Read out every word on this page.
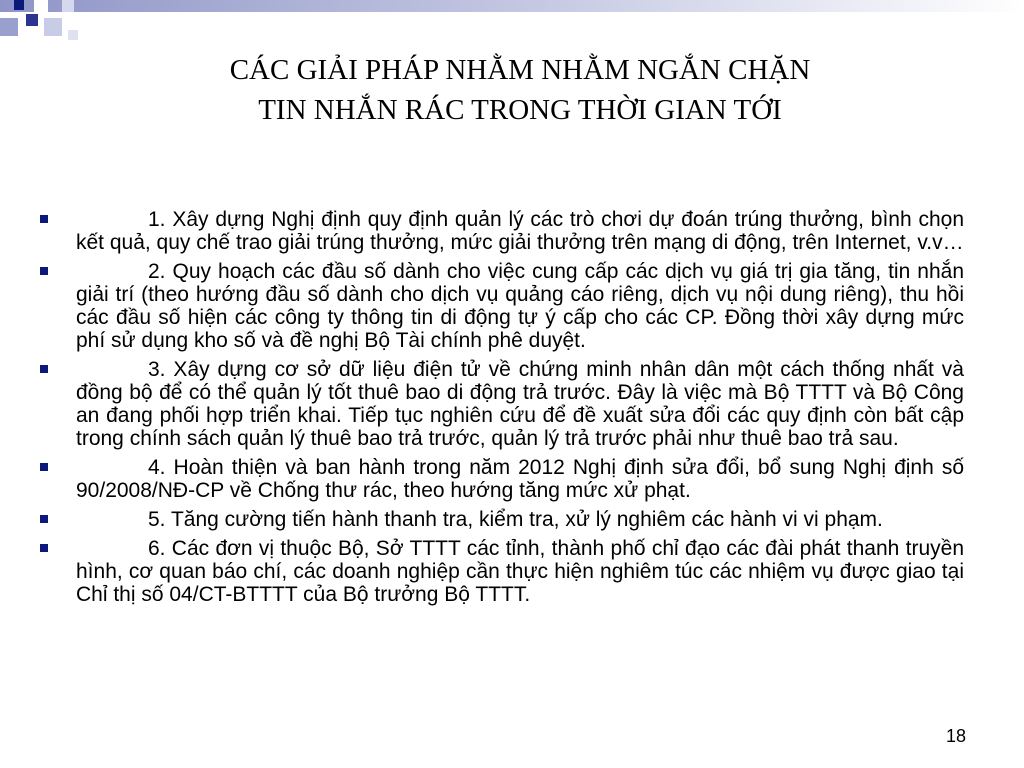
CÁC GIẢI PHÁP NHẰM NHẰM NGẮN CHẶN
TIN NHẮN RÁC TRONG THỜI GIAN TỚI
1. Xây dựng Nghị định quy định quản lý các trò chơi dự đoán trúng thưởng, bình chọn kết quả, quy chế trao giải trúng thưởng, mức giải thưởng trên mạng di động, trên Internet, v.v…
2. Quy hoạch các đầu số dành cho việc cung cấp các dịch vụ giá trị gia tăng, tin nhắn giải trí (theo hướng đầu số dành cho dịch vụ quảng cáo riêng, dịch vụ nội dung riêng), thu hồi các đầu số hiện các công ty thông tin di động tự ý cấp cho các CP. Đồng thời xây dựng mức phí sử dụng kho số và đề nghị Bộ Tài chính phê duyệt.
3. Xây dựng cơ sở dữ liệu điện tử về chứng minh nhân dân một cách thống nhất và đồng bộ để có thể quản lý tốt thuê bao di động trả trước. Đây là việc mà Bộ TTTT và Bộ Công an đang phối hợp triển khai. Tiếp tục nghiên cứu để đề xuất sửa đổi các quy định còn bất cập trong chính sách quản lý thuê bao trả trước, quản lý trả trước phải như thuê bao trả sau.
4. Hoàn thiện và ban hành trong năm 2012 Nghị định sửa đổi, bổ sung Nghị định số 90/2008/NĐ-CP về Chống thư rác, theo hướng tăng mức xử phạt.
5. Tăng cường tiến hành thanh tra, kiểm tra, xử lý nghiêm các hành vi vi phạm.
6. Các đơn vị thuộc Bộ, Sở TTTT các tỉnh, thành phố chỉ đạo các đài phát thanh truyền hình, cơ quan báo chí, các doanh nghiệp cần thực hiện nghiêm túc các nhiệm vụ được giao tại Chỉ thị số 04/CT-BTTTT của Bộ trưởng Bộ TTTT.
18
